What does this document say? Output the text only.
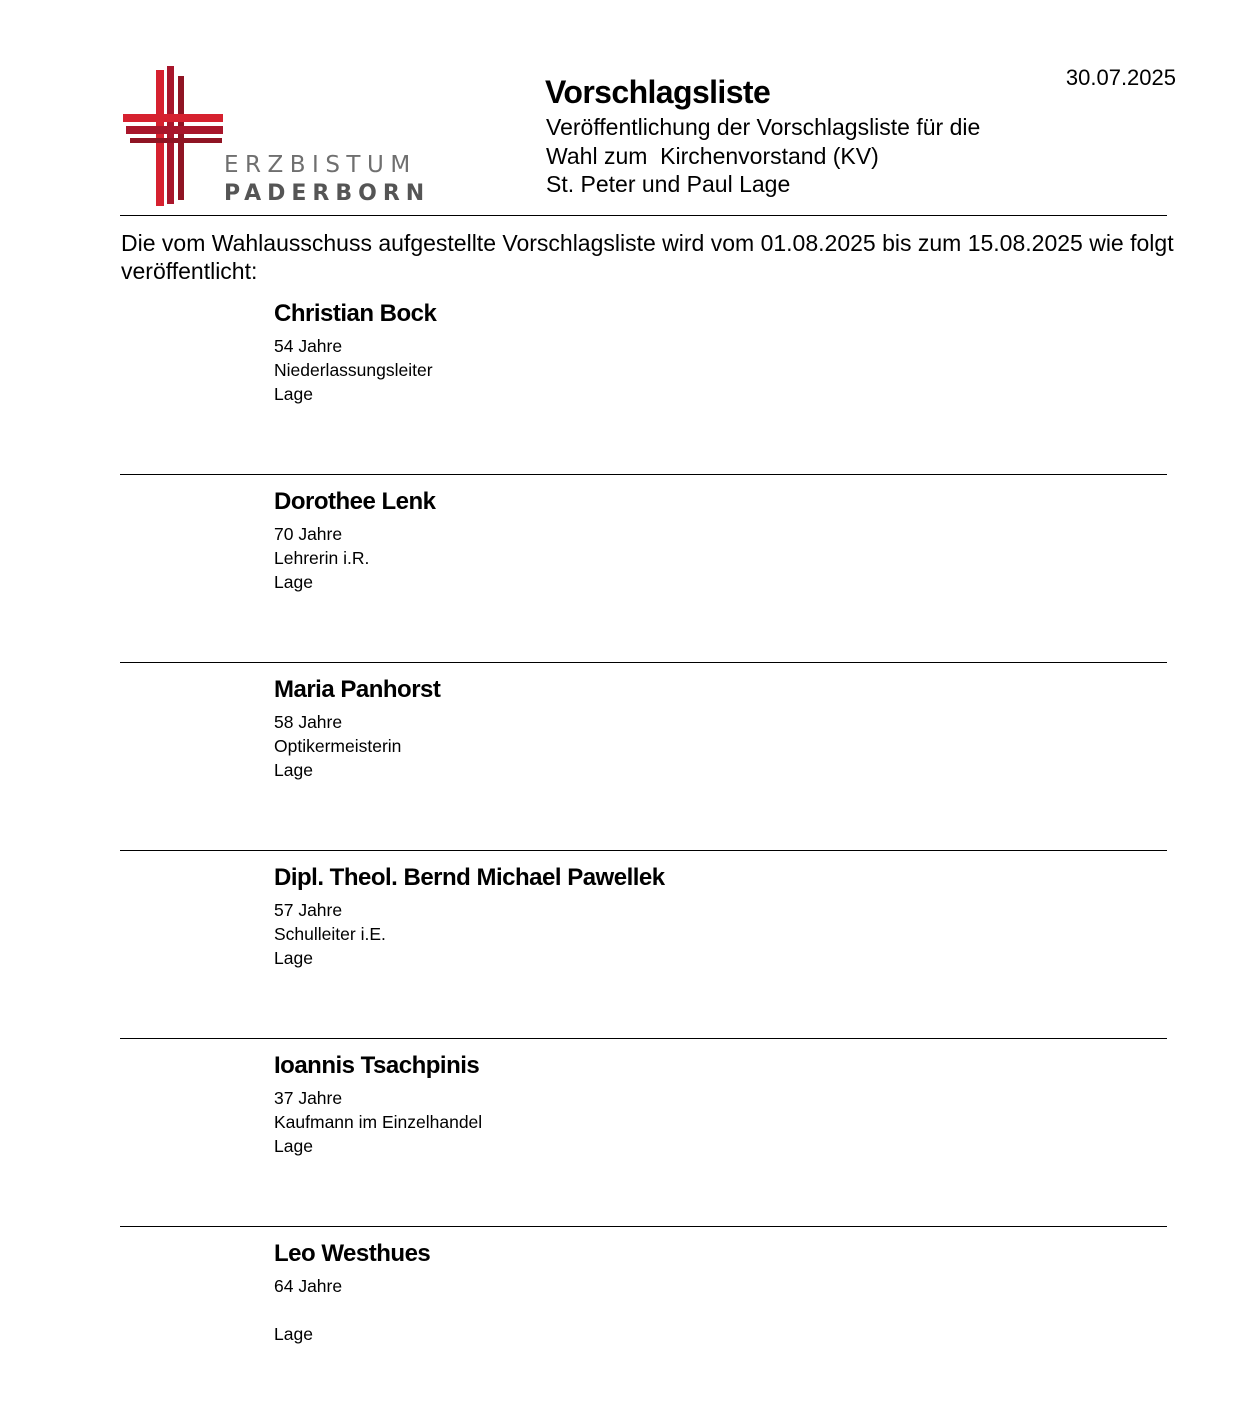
ERZBISTUM
PADERBORN
Vorschlagsliste
Veröffentlichung der Vorschlagsliste für die
Wahl zum  Kirchenvorstand (KV)
St. Peter und Paul Lage
30.07.2025
Die vom Wahlausschuss aufgestellte Vorschlagsliste wird vom 01.08.2025 bis zum 15.08.2025 wie folgt veröffentlicht:
Christian Bock
54 Jahre
Niederlassungsleiter
Lage
Dorothee Lenk
70 Jahre
Lehrerin i.R.
Lage
Maria Panhorst
58 Jahre
Optikermeisterin
Lage
Dipl. Theol. Bernd Michael Pawellek
57 Jahre
Schulleiter i.E.
Lage
Ioannis Tsachpinis
37 Jahre
Kaufmann im Einzelhandel
Lage
Leo Westhues
64 Jahre
Lage
